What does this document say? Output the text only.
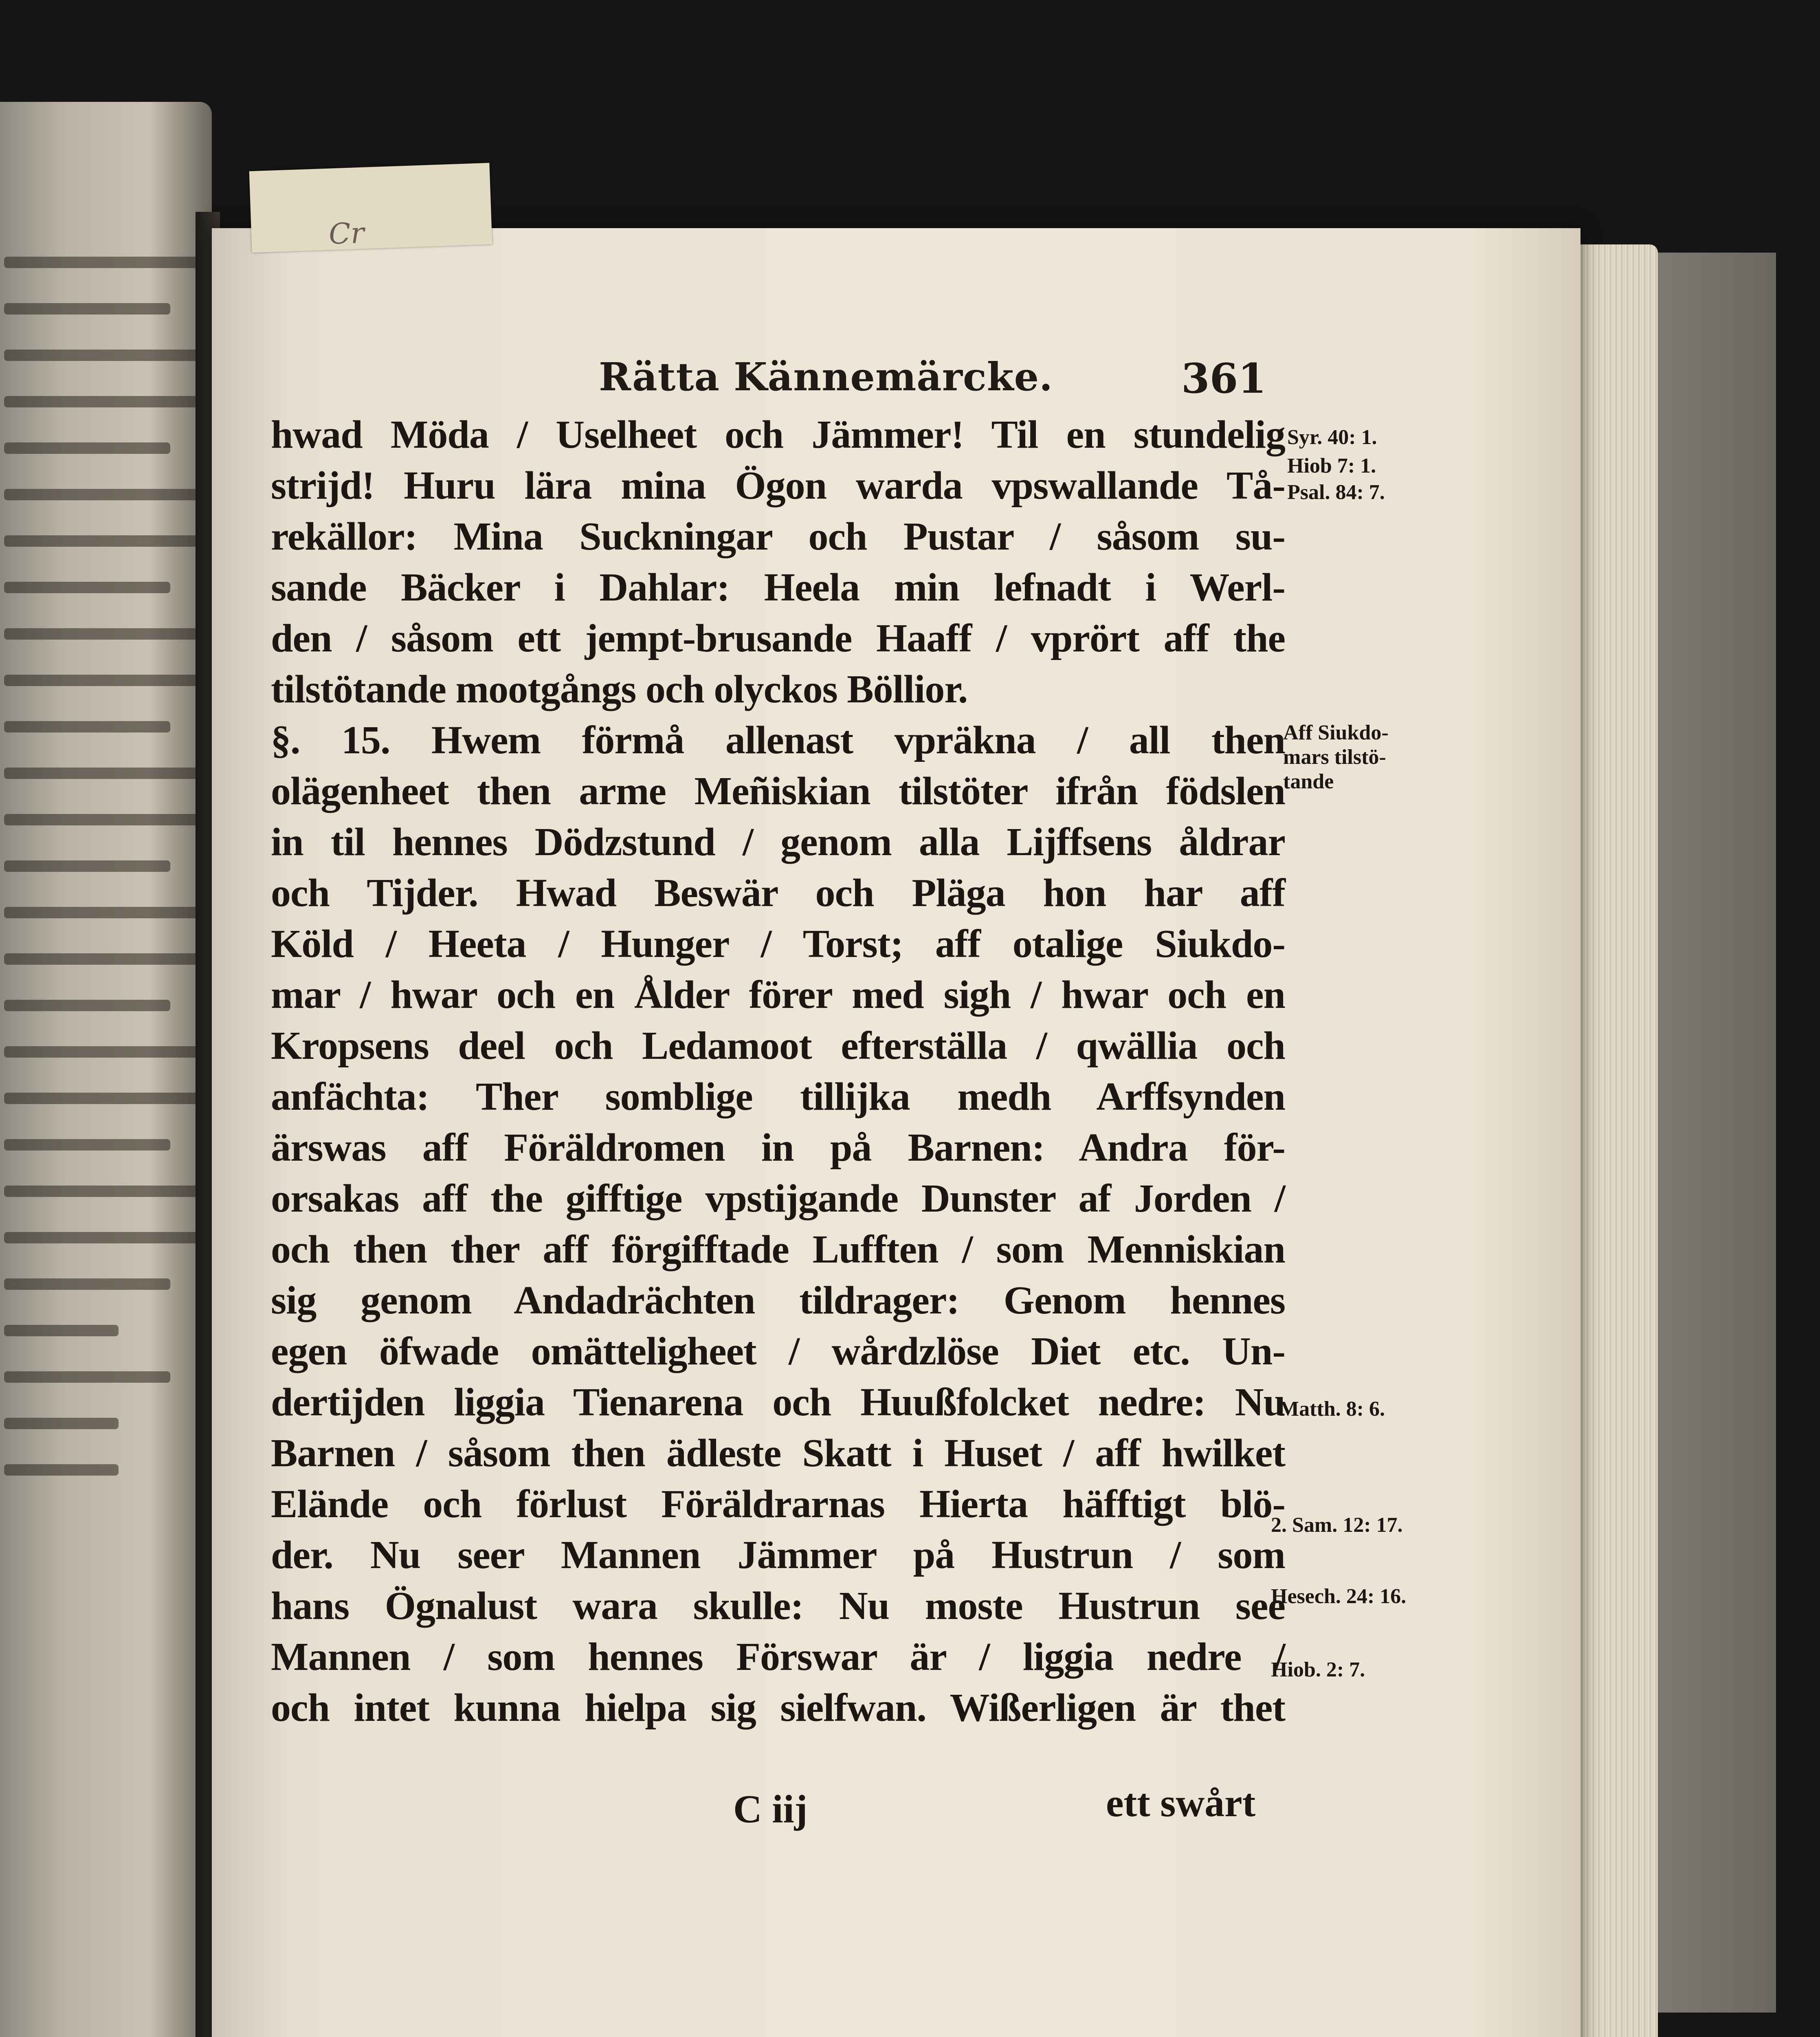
Cr
Rätta Kännemärcke.	361
hwad Möda / Uselheet och Jämmer! Til en stundelig
strijd! Huru lära mina Ögon warda vpswallande Tå-
rekällor: Mina Suckningar och Pustar / såsom su-
sande Bäcker i Dahlar: Heela min lefnadt i Werl-
den / såsom ett jempt-brusande Haaff / vprört aff the
tilstötande mootgångs och olyckos Böllior.
§. 15. Hwem förmå allenast vpräkna / all then
olägenheet then arme Meñiskian tilstöter ifrån födslen
in til hennes Dödzstund / genom alla Lijffsens åldrar
och Tijder. Hwad Beswär och Pläga hon har aff
Köld / Heeta / Hunger / Torst; aff otalige Siukdo-
mar / hwar och en Ålder förer med sigh / hwar och en
Kropsens deel och Ledamoot efterställa / qwällia och
anfächta: Ther somblige tillijka medh Arffsynden
ärswas aff Föräldromen in på Barnen: Andra för-
orsakas aff the gifftige vpstijgande Dunster af Jorden /
och then ther aff förgifftade Lufften / som Menniskian
sig genom Andadrächten tildrager: Genom hennes
egen öfwade omätteligheet / wårdzlöse Diet etc. Un-
dertijden liggia Tienarena och Huußfolcket nedre: Nu
Barnen / såsom then ädleste Skatt i Huset / aff hwilket
Elände och förlust Föräldrarnas Hierta häfftigt blö-
der. Nu seer Mannen Jämmer på Hustrun / som
hans Ögnalust wara skulle: Nu moste Hustrun see
Mannen / som hennes Förswar är / liggia nedre /
och intet kunna hielpa sig sielfwan. Wißerligen är thet
Syr. 40: 1.
Hiob 7: 1.
Psal. 84: 7.
Aff Siukdo-
mars tilstö-
tande
Matth. 8: 6.
2. Sam. 12: 17.
Hesech. 24: 16.
Hiob. 2: 7.
C iij	ett swårt
